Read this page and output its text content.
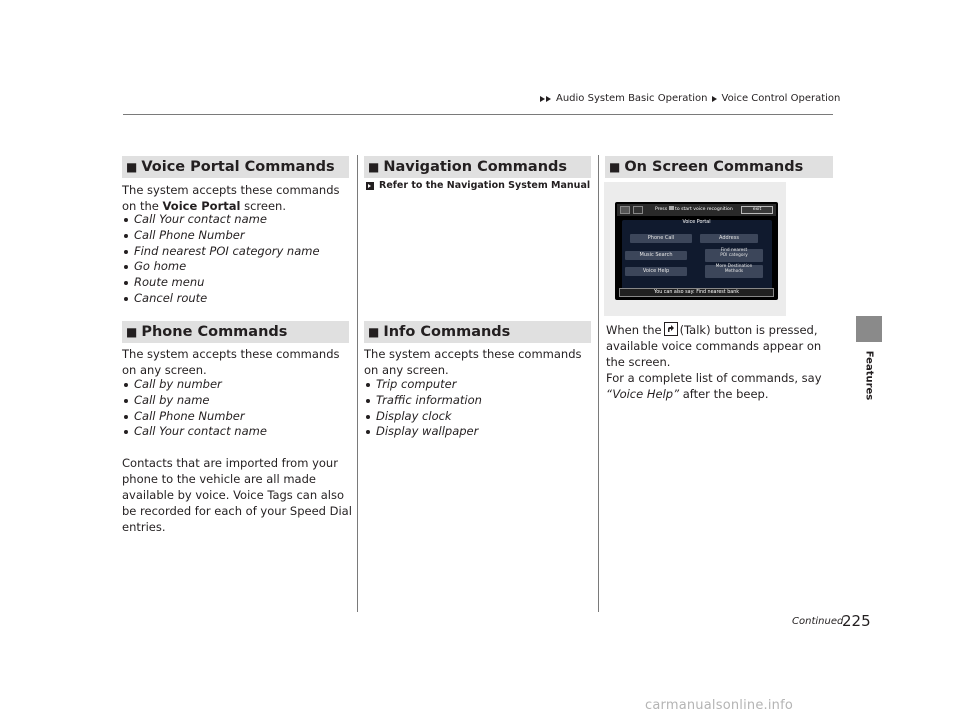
Audio System Basic Operation Voice Control Operation
Features
■ Voice Portal Commands

The system accepts these commands on the Voice Portal screen.

Call Your contact name
Call Phone Number
Find nearest POI category name
Go home
Route menu
Cancel route
■ Phone Commands

The system accepts these commands on any screen.

Call by number
Call by name
Call Phone Number
Call Your contact name

Contacts that are imported from your phone to the vehicle are all made available by voice. Voice Tags can also be recorded for each of your Speed Dial entries.

■ Navigation Commands
Refer to the Navigation System Manual
■ Info Commands

The system accepts these commands on any screen.

Trip computer
Traffic information
Display clock
Display wallpaper
■ On Screen Commands
Press to start voice recognition	exit
Voice Portal
Phone Call	Address
Music Search
Find nearest
POI category
Voice Help
More Destination
Methods
You can also say: Find nearest bank

When the (Talk) button is pressed, available voice commands appear on the screen.

For a complete list of commands, say “Voice Help” after the beep.

Continued
225
carmanualsonline.info
